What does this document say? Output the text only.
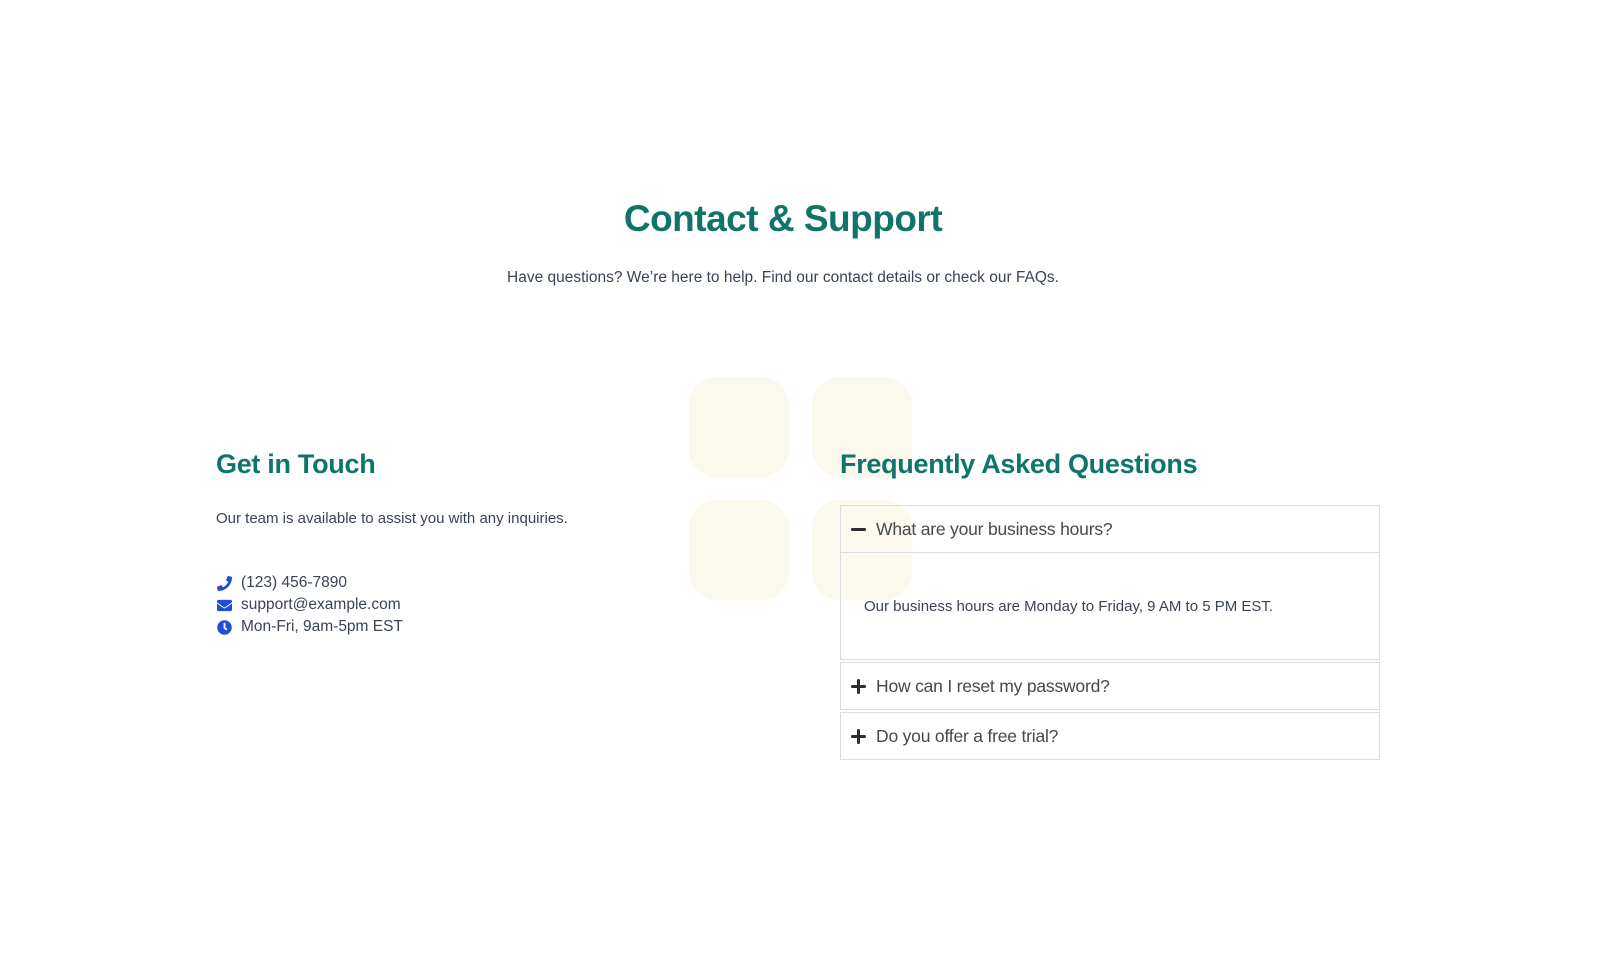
Contact & Support

Have questions? We’re here to help. Find our contact details or check our FAQs.

Get in Touch

Our team is available to assist you with any inquiries.

(123) 456-7890
support@example.com
Mon-Fri, 9am-5pm EST
Frequently Asked Questions
What are your business hours?
Our business hours are Monday to Friday, 9 AM to 5 PM EST.
How can I reset my password?
Do you offer a free trial?
